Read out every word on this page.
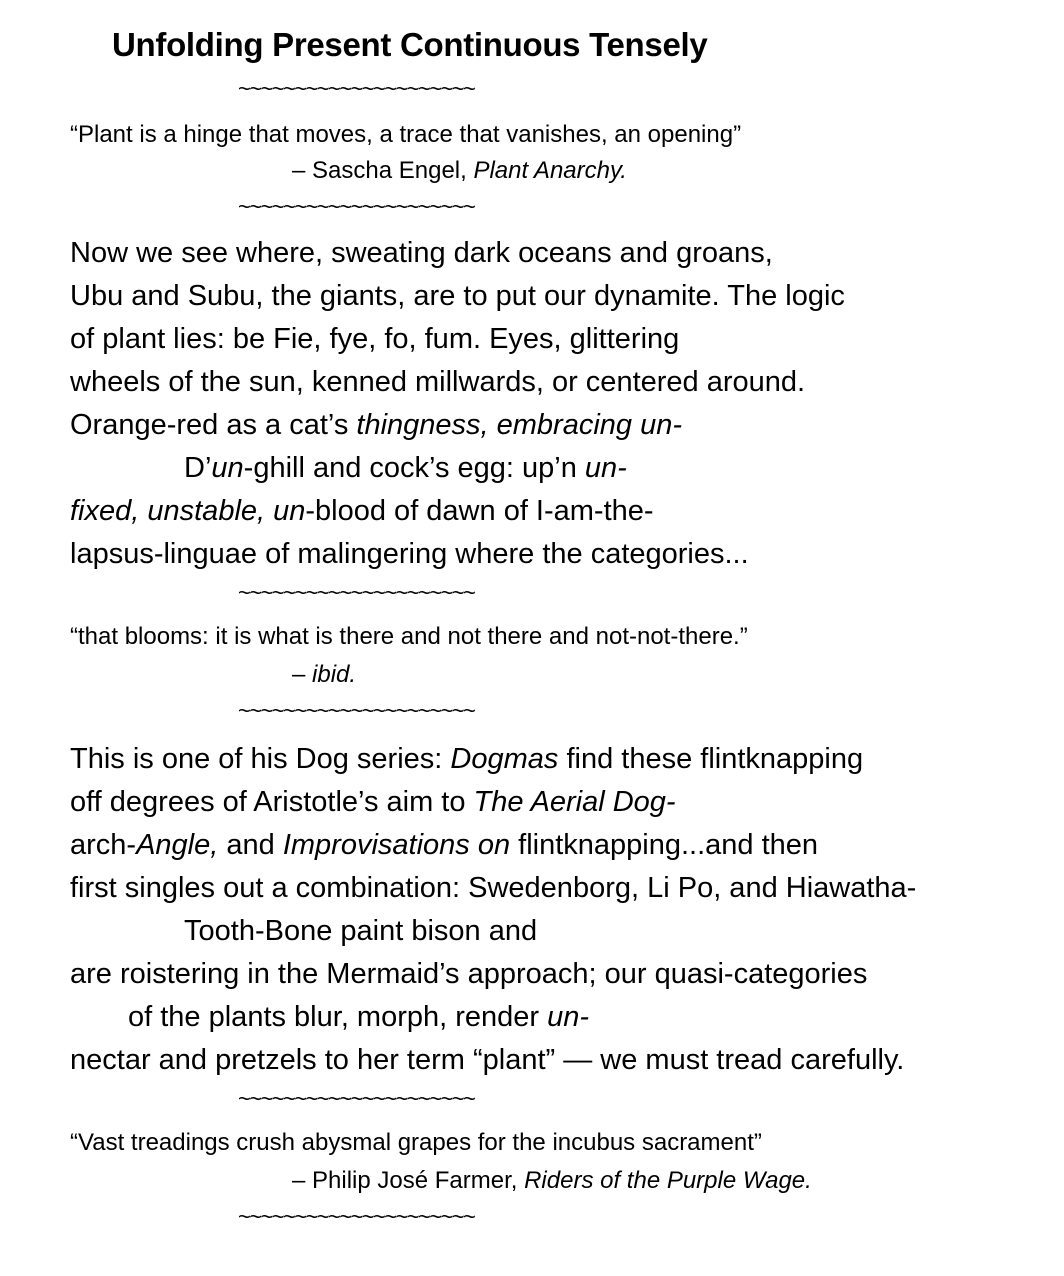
Unfolding Present Continuous Tensely
~~~~~~~~~~~~~~~~~~~~~
“Plant is a hinge that moves, a trace that vanishes, an opening”
– Sascha Engel, Plant Anarchy.
~~~~~~~~~~~~~~~~~~~~~
Now we see where, sweating dark oceans and groans,
Ubu and Subu, the giants, are to put our dynamite. The logic
of plant lies: be Fie, fye, fo, fum. Eyes, glittering
wheels of the sun, kenned millwards, or centered around.
Orange-red as a cat’s thingness, embracing un-
D’un-ghill and cock’s egg: up’n un-
fixed, unstable, un-blood of dawn of I-am-the-
lapsus-linguae of malingering where the categories...
~~~~~~~~~~~~~~~~~~~~~
“that blooms: it is what is there and not there and not-not-there.”
– ibid.
~~~~~~~~~~~~~~~~~~~~~
This is one of his Dog series: Dogmas find these flintknapping
off degrees of Aristotle’s aim to The Aerial Dog-
arch-Angle, and Improvisations on flintknapping...and then
first singles out a combination: Swedenborg, Li Po, and Hiawatha-
Tooth-Bone paint bison and
are roistering in the Mermaid’s approach; our quasi-categories
of the plants blur, morph, render un-
nectar and pretzels to her term “plant” — we must tread carefully.
~~~~~~~~~~~~~~~~~~~~~
“Vast treadings crush abysmal grapes for the incubus sacrament”
– Philip José Farmer, Riders of the Purple Wage.
~~~~~~~~~~~~~~~~~~~~~
